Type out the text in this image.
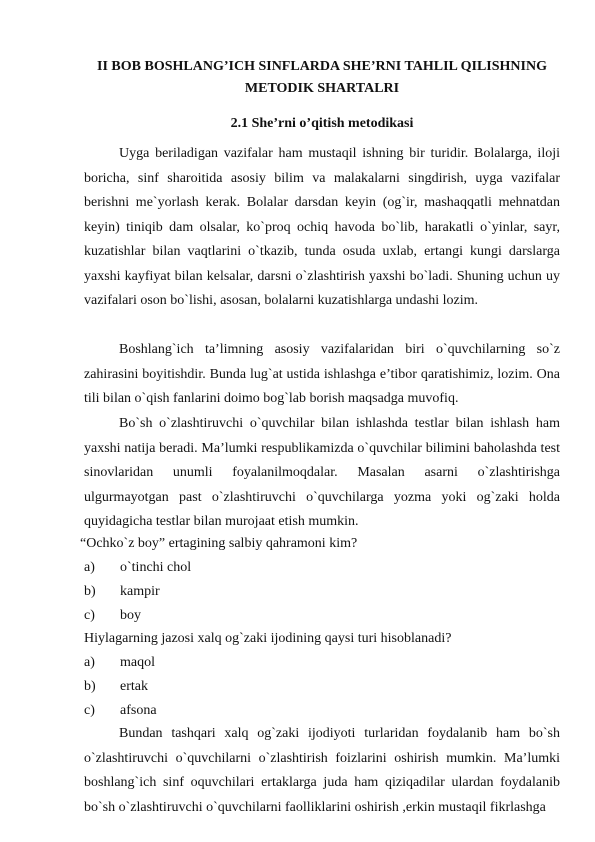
II BOB BOSHLANG’ICH SINFLARDA SHE’RNI TAHLIL QILISHNING METODIK SHARTALRI
2.1 She’rni o’qitish metodikasi

Uyga beriladigan vazifalar ham mustaqil ishning bir turidir. Bolalarga, iloji boricha, sinf sharoitida asosiy bilim va malakalarni singdirish, uyga vazifalar berishni me`yorlash kerak. Bolalar darsdan keyin (og`ir, mashaqqatli mehnatdan keyin) tiniqib dam olsalar, ko`proq ochiq havoda bo`lib, harakatli o`yinlar, sayr, kuzatishlar bilan vaqtlarini o`tkazib, tunda osuda uxlab, ertangi kungi darslarga yaxshi kayfiyat bilan kelsalar, darsni o`zlashtirish yaxshi bo`ladi. Shuning uchun uy vazifalari oson bo`lishi, asosan, bolalarni kuzatishlarga undashi lozim.

Boshlang`ich ta’limning asosiy vazifalaridan biri o`quvchilarning so`z zahirasini boyitishdir. Bunda lug`at ustida ishlashga e’tibor qaratishimiz, lozim. Ona tili bilan o`qish fanlarini doimo bog`lab borish maqsadga muvofiq.

Bo`sh o`zlashtiruvchi o`quvchilar bilan ishlashda testlar bilan ishlash ham yaxshi natija beradi. Ma’lumki respublikamizda o`quvchilar bilimini baholashda test sinovlaridan unumli foyalanilmoqdalar. Masalan asarni o`zlashtirishga ulgurmayotgan past o`zlashtiruvchi o`quvchilarga yozma yoki og`zaki holda quyidagicha testlar bilan murojaat etish mumkin.

“Ochko`z boy” ertagining salbiy qahramoni kim?
a) o`tinchi chol
b) kampir
c) boy
Hiylagarning jazosi xalq og`zaki ijodining qaysi turi hisoblanadi?
a) maqol
b) ertak
c) afsona

Bundan tashqari xalq og`zaki ijodiyoti turlaridan foydalanib ham bo`sh o`zlashtiruvchi o`quvchilarni o`zlashtirish foizlarini oshirish mumkin. Ma’lumki boshlang`ich sinf oquvchilari ertaklarga juda ham qiziqadilar ulardan foydalanib bo`sh o`zlashtiruvchi o`quvchilarni faolliklarini oshirish ,erkin mustaqil fikrlashga
